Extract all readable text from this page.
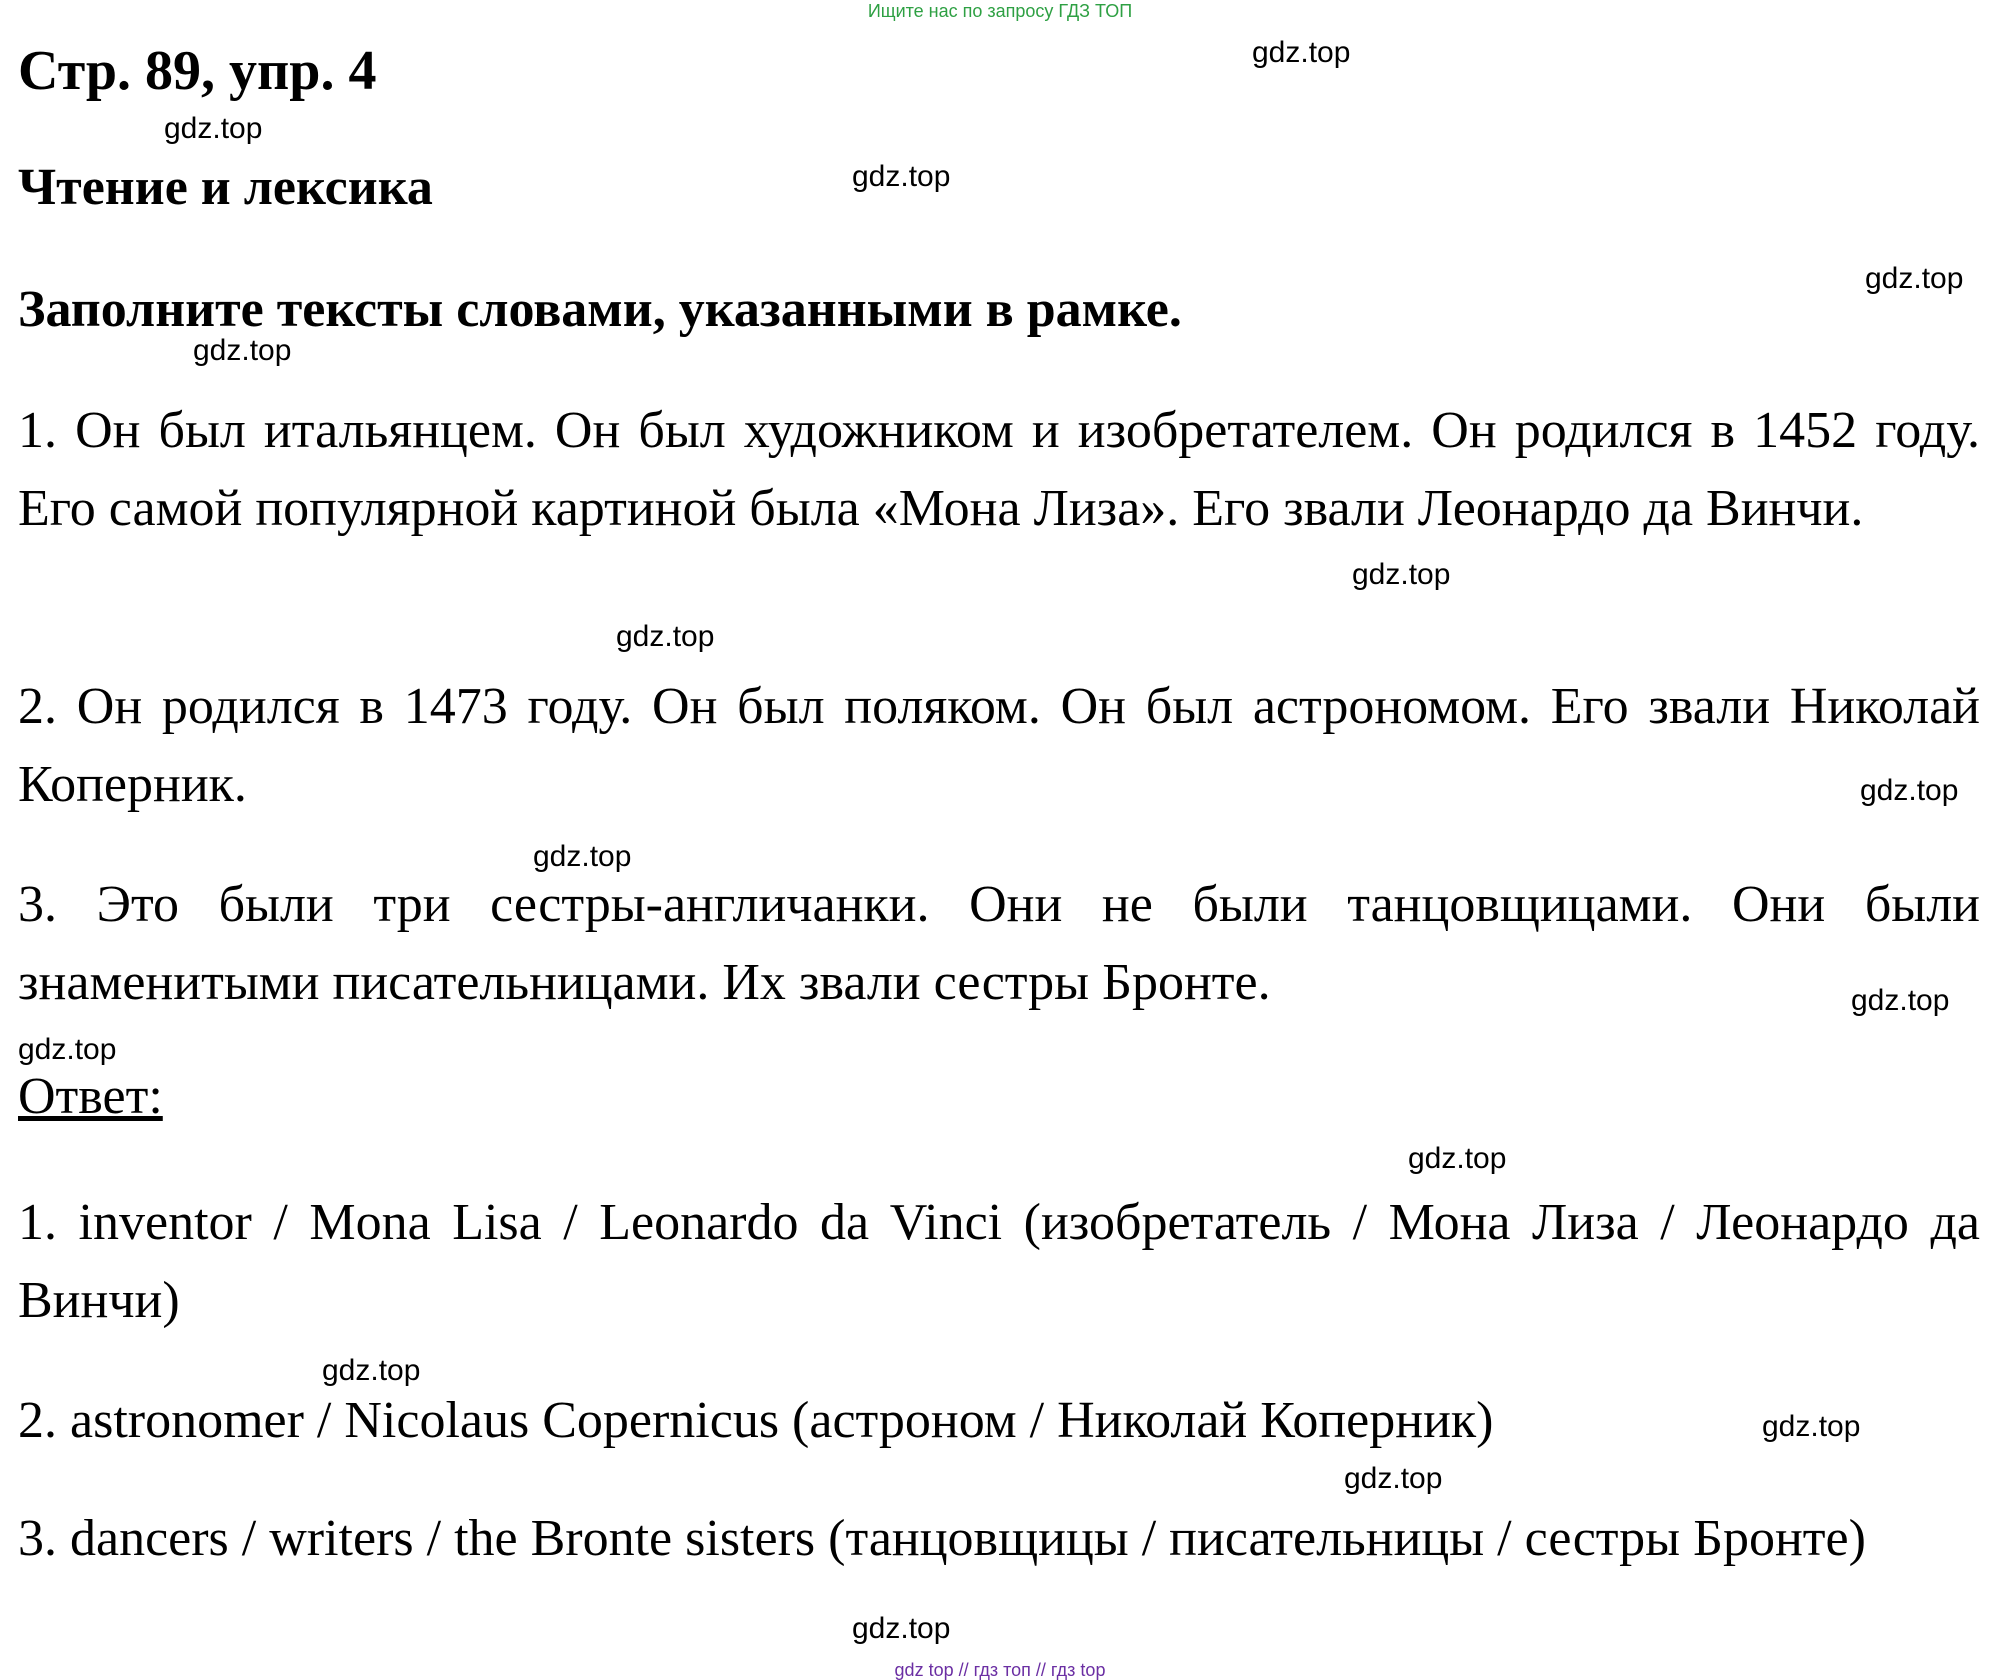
Ищите нас по запросу ГДЗ ТОП
Стр. 89, упр. 4
Чтение и лексика
Заполните тексты словами, указанными в рамке.

1. Он был итальянцем. Он был художником и изобретателем. Он родился в 1452 году. Его самой популярной картиной была «Мона Лиза». Его звали Леонардо да Винчи.

2. Он родился в 1473 году. Он был поляком. Он был астрономом. Его звали Николай Коперник.

3. Это были три сестры-англичанки. Они не были танцовщицами. Они были знаменитыми писательницами. Их звали сестры Бронте.

Ответ:

1. inventor / Mona Lisa / Leonardo da Vinci (изобретатель / Мона Лиза / Леонардо да Винчи)

2. astronomer / Nicolaus Copernicus (астроном / Николай Коперник)

3. dancers / writers / the Bronte sisters (танцовщицы / писательницы / сестры Бронте)

gdz.top
gdz.top
gdz.top
gdz.top
gdz.top
gdz.top
gdz.top
gdz.top
gdz.top
gdz.top
gdz.top
gdz.top
gdz.top
gdz.top
gdz.top
gdz.top
gdz top // гдз топ // гдз top
